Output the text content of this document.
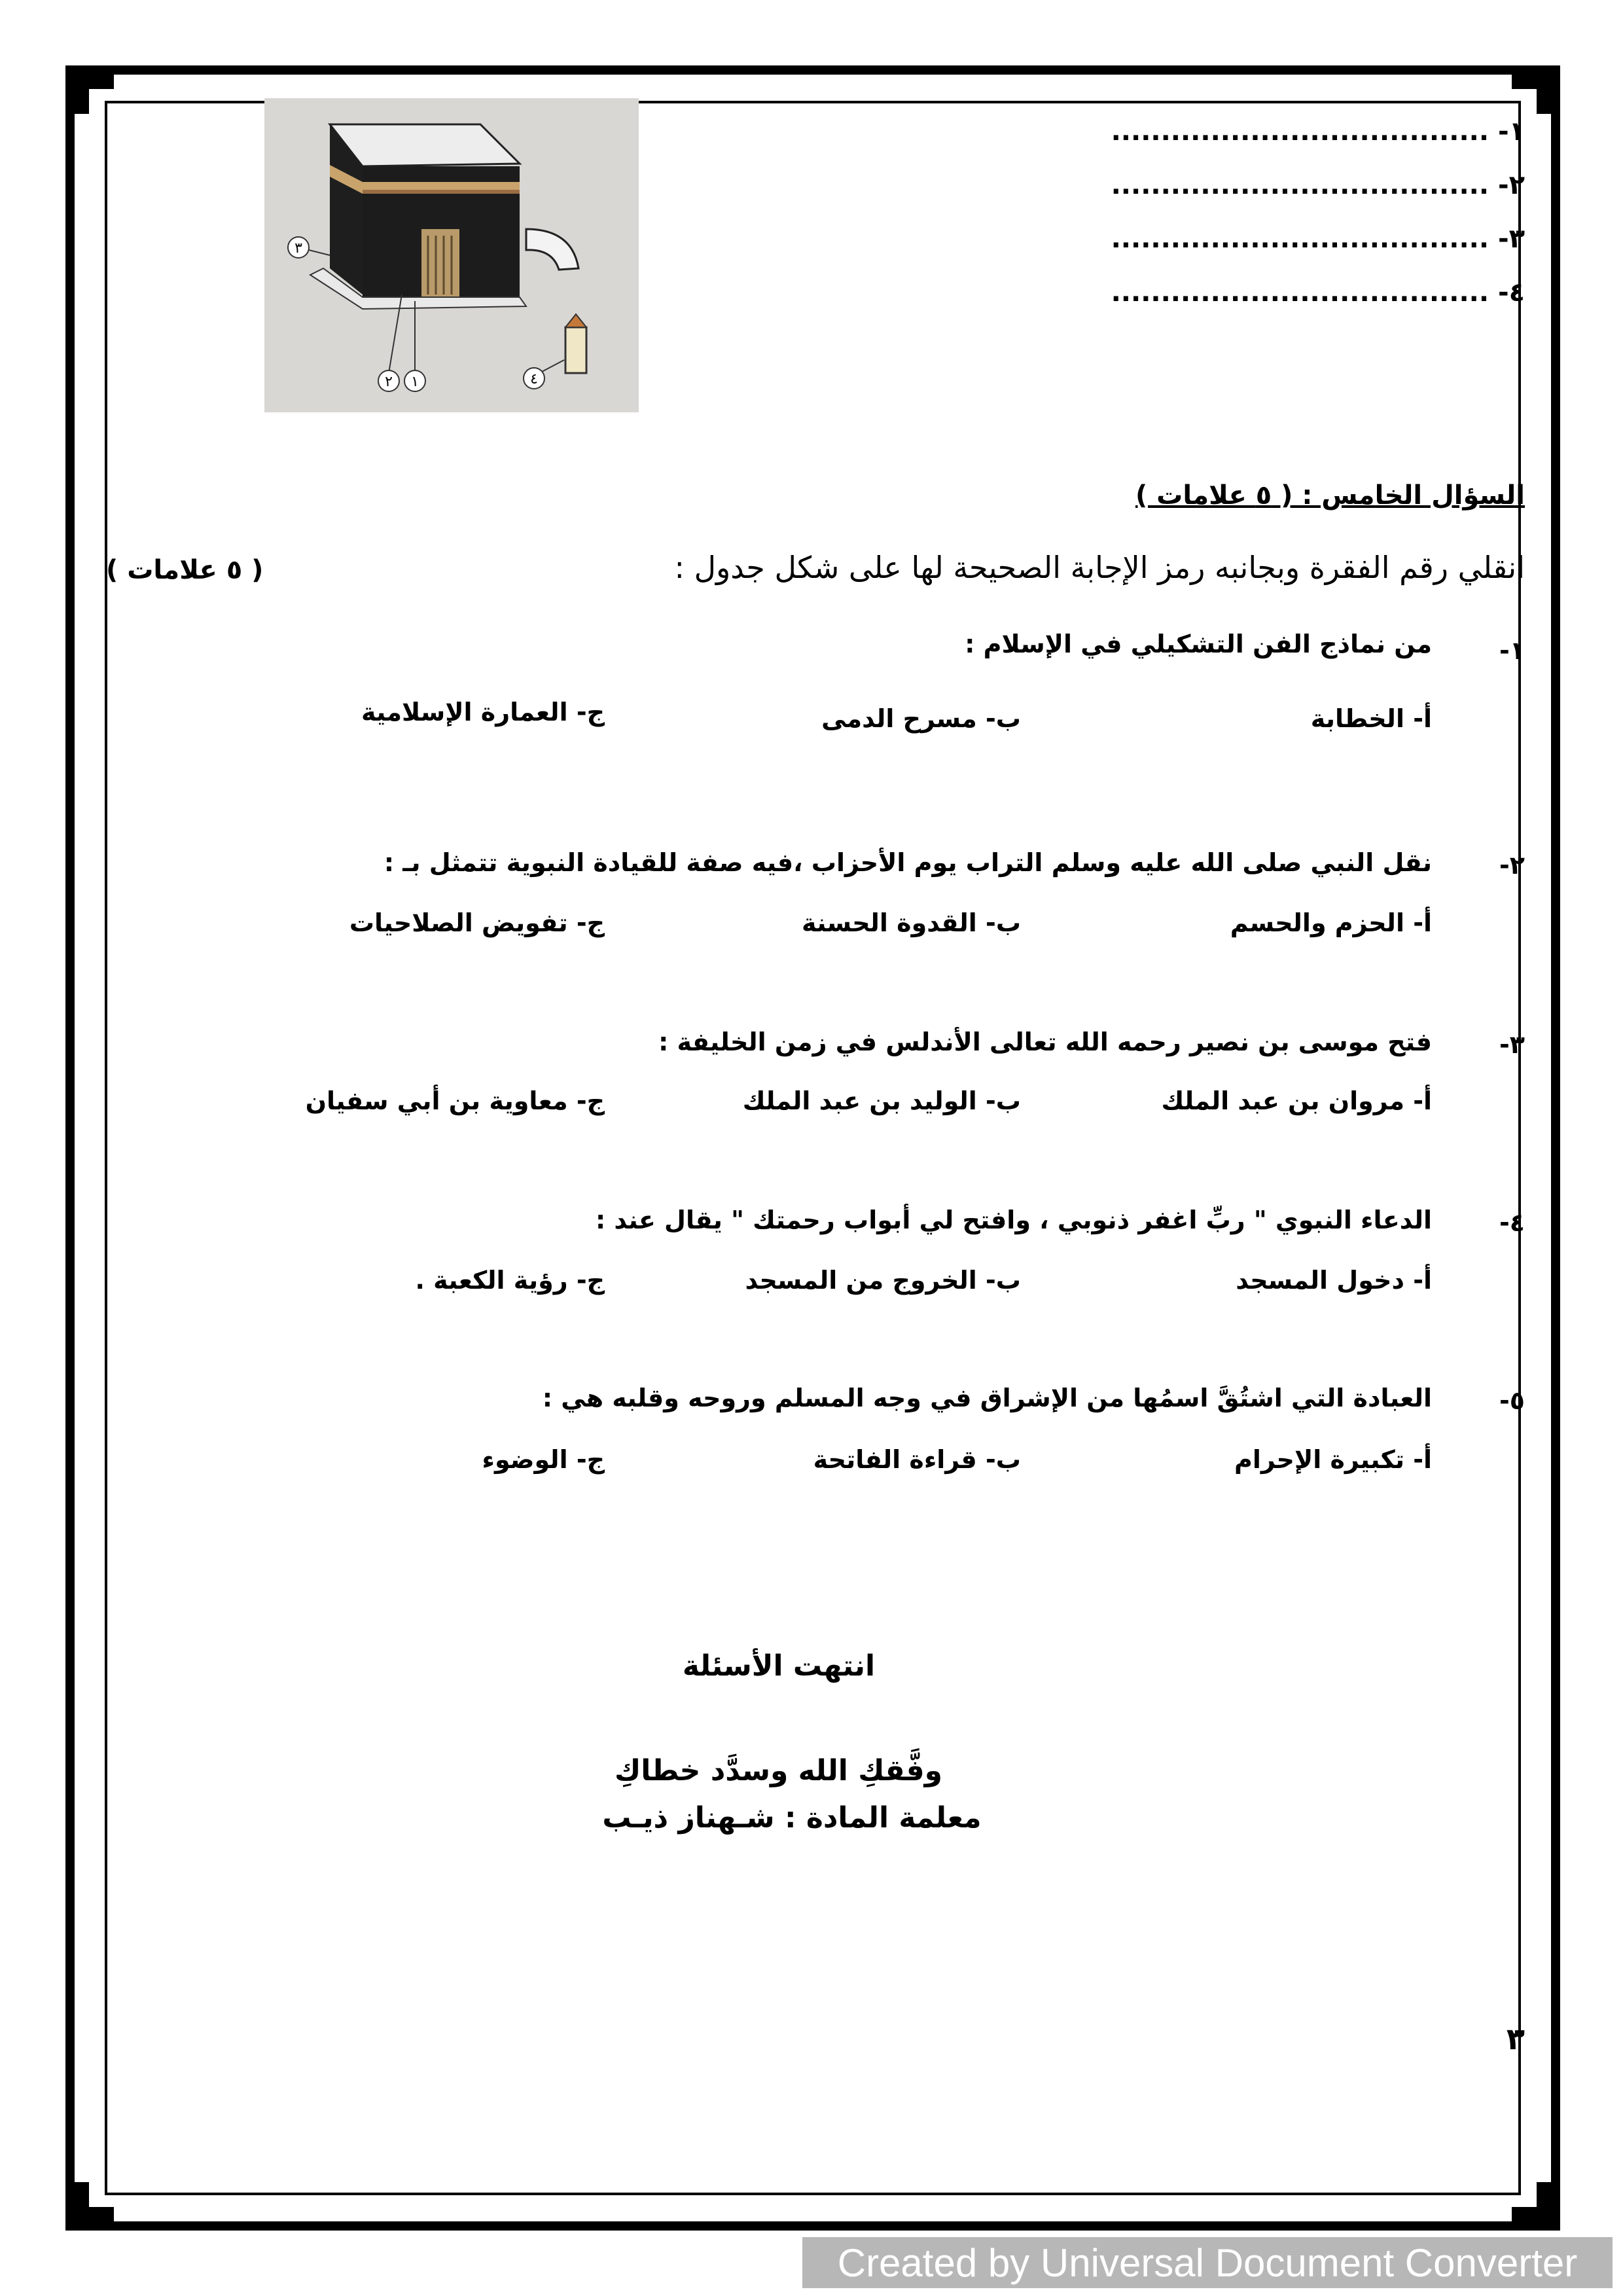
١- ......................................
٢- ......................................
٣- ......................................
٤- ......................................
٣
١
٢	٤
السؤال الخامس : ( ٥ علامات )
انقلي رقم الفقرة وبجانبه رمز الإجابة الصحيحة لها على شكل جدول :
( ٥ علامات )
١-
من نماذج الفن التشكيلي في الإسلام :
أ- الخطابة
ب- مسرح الدمى
ج- العمارة الإسلامية
٢-
نقل النبي صلى الله عليه وسلم التراب يوم الأحزاب ،فيه صفة للقيادة النبوية تتمثل بـ :
أ- الحزم والحسم
ب- القدوة الحسنة
ج- تفويض الصلاحيات
٣-
فتح موسى بن نصير رحمه الله تعالى الأندلس في زمن الخليفة :
أ- مروان بن عبد الملك
ب- الوليد بن عبد الملك
ج- معاوية بن أبي سفيان
٤-
الدعاء النبوي " ربِّ اغفر ذنوبي ، وافتح لي أبواب رحمتك " يقال عند :
أ- دخول المسجد
ب- الخروج من المسجد
ج- رؤية الكعبة .
٥-
العبادة التي اشتُقَّ اسمُها من الإشراق في وجه المسلم وروحه وقلبه هي :
أ- تكبيرة الإحرام
ب- قراءة الفاتحة
ج- الوضوء
انتهت الأسئلة
وفَّقكِ الله وسدَّد خطاكِ
معلمة المادة : شـهناز ذيـب
٣
Created by Universal Document Converter
